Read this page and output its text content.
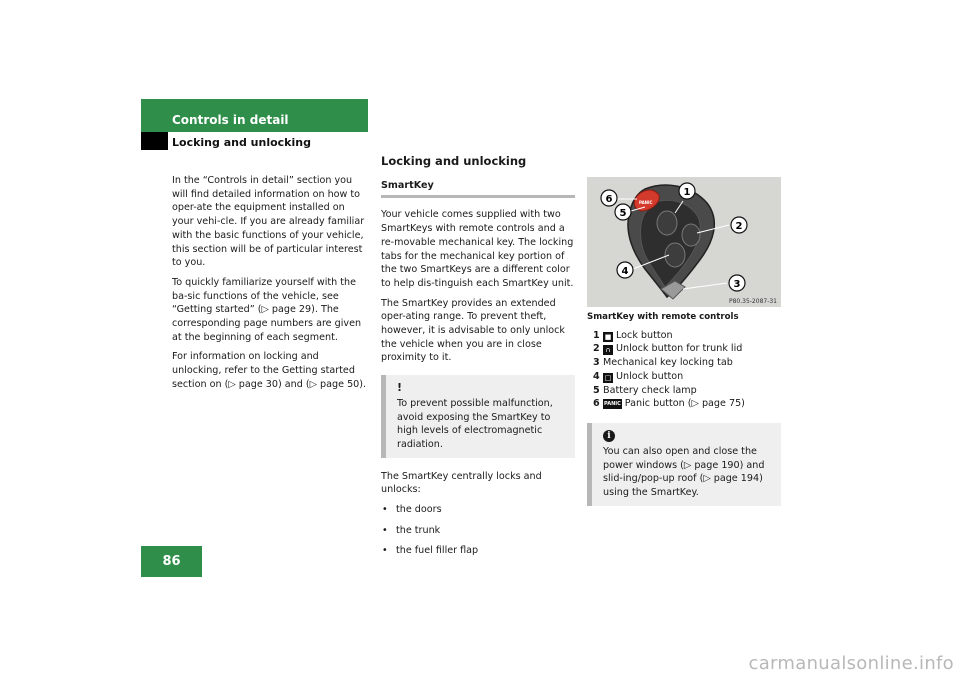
Controls in detail
Locking and unlocking

In the “Controls in detail” section you will find detailed information on how to oper-ate the equipment installed on your vehi-cle. If you are already familiar with the basic functions of your vehicle, this section will be of particular interest to you.

To quickly familiarize yourself with the ba-sic functions of the vehicle, see “Getting started” (▷ page 29). The corresponding page numbers are given at the beginning of each segment.

For information on locking and unlocking, refer to the Getting started section on (▷ page 30) and (▷ page 50).

Locking and unlocking
SmartKey

Your vehicle comes supplied with two SmartKeys with remote controls and a re-movable mechanical key. The locking tabs for the mechanical key portion of the two SmartKeys are a different color to help dis-tinguish each SmartKey unit.

The SmartKey provides an extended oper-ating range. To prevent theft, however, it is advisable to only unlock the vehicle when you are in close proximity to it.

!
To prevent possible malfunction, avoid exposing the SmartKey to high levels of electromagnetic radiation.

The SmartKey centrally locks and unlocks:

• the doors
• the trunk
• the fuel filler flap
PANIC
1
2
3
4
5
6
P80.35-2087-31
SmartKey with remote controls
1 ■ Lock button
2 ∩ Unlock button for trunk lid
3 Mechanical key locking tab
4 □ Unlock button
5 Battery check lamp
6 PANIC Panic button (▷ page 75)
i
You can also open and close the power windows (▷ page 190) and slid-ing/pop-up roof (▷ page 194) using the SmartKey.
86
carmanualsonline.info
